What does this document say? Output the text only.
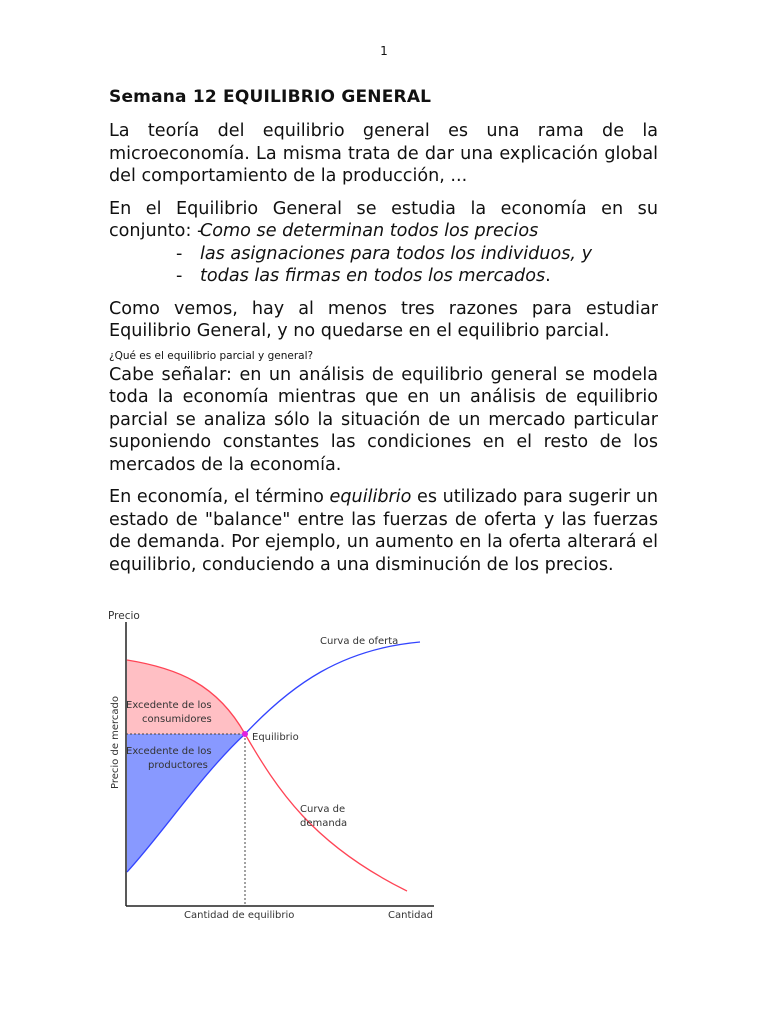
1
Semana 12 EQUILIBRIO GENERAL

La teoría del equilibrio general es una rama de la microeconomía. La misma trata de dar una explicación global del comportamiento de la producción, ...

En el Equilibrio General se estudia la economía en su
conjunto: -
Como se determinan todos los precios
- las asignaciones para todos los individuos, y
- todas las firmas en todos los mercados .

Como vemos, hay al menos tres razones para estudiar Equilibrio General, y no quedarse en el equilibrio parcial.

¿Qué es el equilibrio parcial y general?

Cabe señalar: en un análisis de equilibrio general se modela toda la economía mientras que en un análisis de equilibrio parcial se analiza sólo la situación de un mercado particular suponiendo constantes las condiciones en el resto de los mercados de la economía.

En economía, el término equilibrio es utilizado para sugerir un estado de "balance" entre las fuerzas de oferta y las fuerzas de demanda. Por ejemplo, un aumento en la oferta alterará el equilibrio, conduciendo a una disminución de los precios.

Precio
Precio de mercado
Cantidad de equilibrio	Cantidad
Curva de oferta
Curva de
demanda
Equilibrio
Excedente de los
consumidores
Excedente de los
productores
